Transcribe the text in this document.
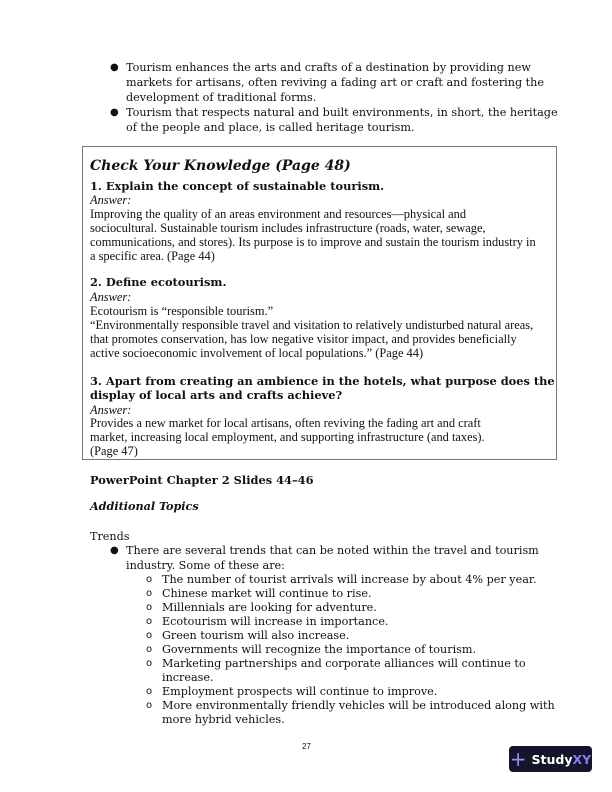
+ StudyXY
● Tourism enhances the arts and crafts of a destination by providing new
markets for artisans, often reviving a fading art or craft and fostering the
development of traditional forms.
● Tourism that respects natural and built environments, in short, the heritage
of the people and place, is called heritage tourism.
Check Your Knowledge (Page 48)
1. Explain the concept of sustainable tourism.
Answer:
Improving the quality of an areas environment and resources—physical and
sociocultural. Sustainable tourism includes infrastructure (roads, water, sewage,
communications, and stores). Its purpose is to improve and sustain the tourism industry in
a specific area. (Page 44)
2. Define ecotourism.
Answer:
Ecotourism is “responsible tourism.”
“Environmentally responsible travel and visitation to relatively undisturbed natural areas,
that promotes conservation, has low negative visitor impact, and provides beneficially
active socioeconomic involvement of local populations.” (Page 44)
3. Apart from creating an ambience in the hotels, what purpose does the
display of local arts and crafts achieve?
Answer:
Provides a new market for local artisans, often reviving the fading art and craft
market, increasing local employment, and supporting infrastructure (and taxes).
(Page 47)
PowerPoint Chapter 2 Slides 44–46
Additional Topics
Trends
● There are several trends that can be noted within the travel and tourism
industry. Some of these are:
o The number of tourist arrivals will increase by about 4% per year.
o Chinese market will continue to rise.
o Millennials are looking for adventure.
o Ecotourism will increase in importance.
o Green tourism will also increase.
o Governments will recognize the importance of tourism.
o Marketing partnerships and corporate alliances will continue to
increase.
o Employment prospects will continue to improve.
o More environmentally friendly vehicles will be introduced along with
more hybrid vehicles.
27
